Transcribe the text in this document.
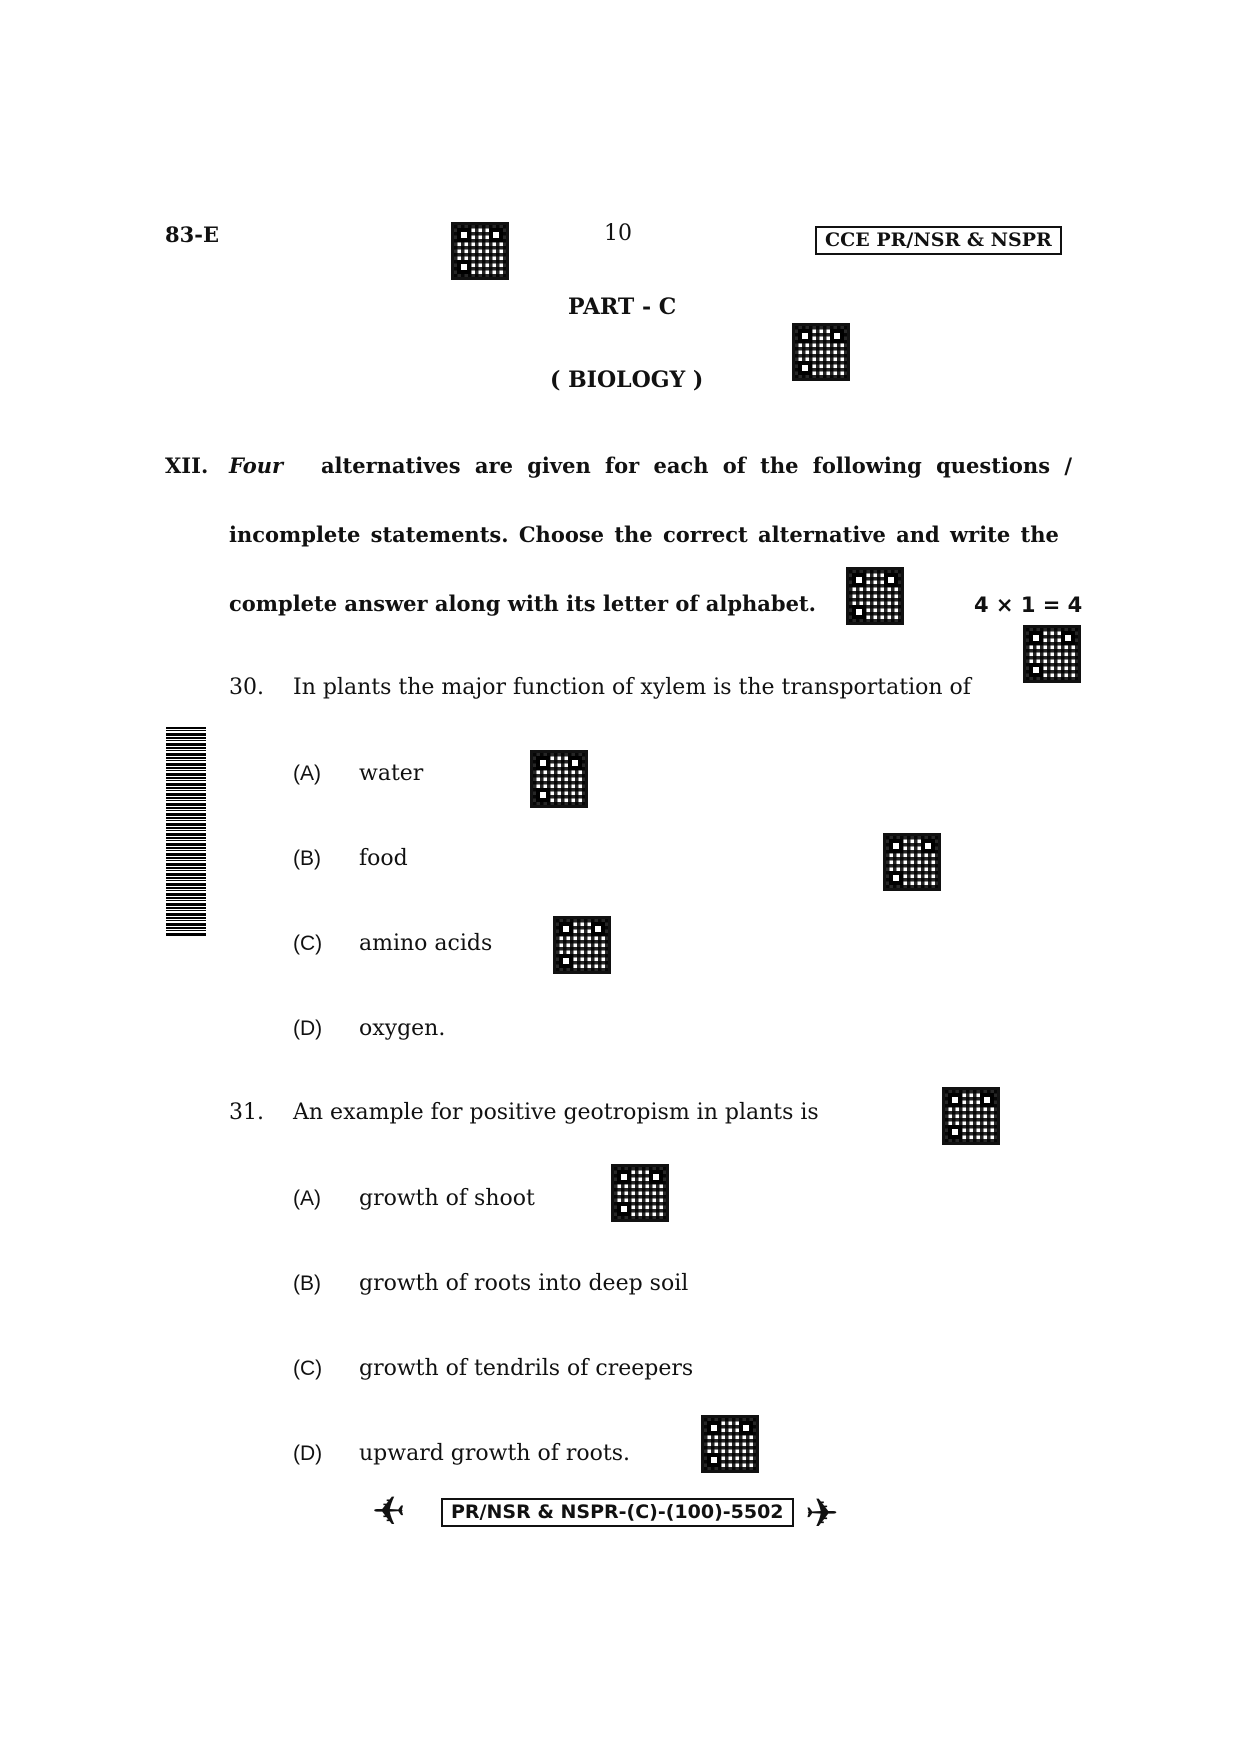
83-E	10	CCE PR/NSR & NSPR
PART - C
( BIOLOGY )
XII. Four alternatives are given for each of the following questions /
incomplete statements. Choose the correct alternative and write the
complete answer along with its letter of alphabet.	4 × 1 = 4
30. In plants the major function of xylem is the transportation of
(A) water
(B) food
(C) amino acids
(D) oxygen.
31. An example for positive geotropism in plants is
(A) growth of shoot
(B) growth of roots into deep soil
(C) growth of tendrils of creepers
(D) upward growth of roots.
✈	PR/NSR & NSPR-(C)-(100)-5502 ✈
